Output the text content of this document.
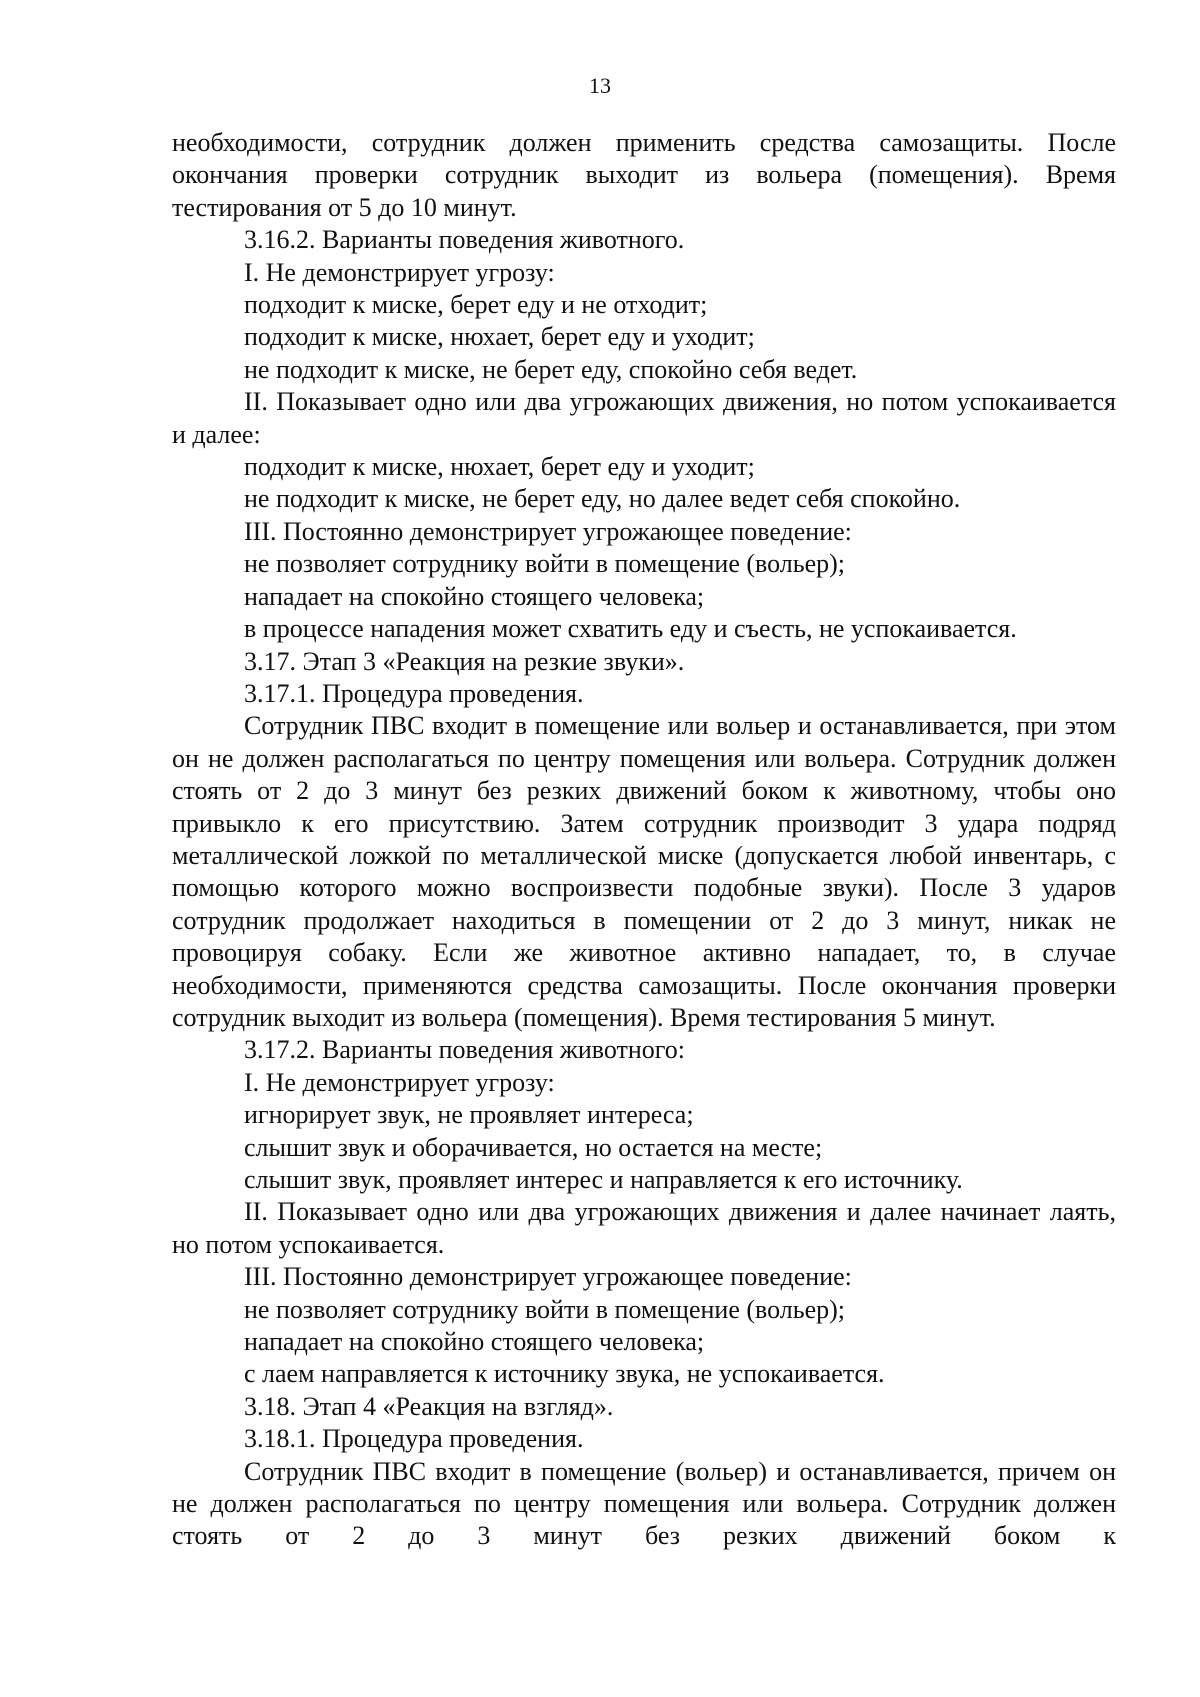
13

необходимости, сотрудник должен применить средства самозащиты. После окончания проверки сотрудник выходит из вольера (помещения). Время тестирования от 5 до 10 минут.

3.16.2. Варианты поведения животного.

I. Не демонстрирует угрозу:

подходит к миске, берет еду и не отходит;

подходит к миске, нюхает, берет еду и уходит;

не подходит к миске, не берет еду, спокойно себя ведет.

II. Показывает одно или два угрожающих движения, но потом успокаивается и далее:

подходит к миске, нюхает, берет еду и уходит;

не подходит к миске, не берет еду, но далее ведет себя спокойно.

III. Постоянно демонстрирует угрожающее поведение:

не позволяет сотруднику войти в помещение (вольер);

нападает на спокойно стоящего человека;

в процессе нападения может схватить еду и съесть, не успокаивается.

3.17. Этап 3 «Реакция на резкие звуки».

3.17.1. Процедура проведения.

Сотрудник ПВС входит в помещение или вольер и останавливается, при этом он не должен располагаться по центру помещения или вольера. Сотрудник должен стоять от 2 до 3 минут без резких движений боком к животному, чтобы оно привыкло к его присутствию. Затем сотрудник производит 3 удара подряд металлической ложкой по металлической миске (допускается любой инвентарь, с помощью которого можно воспроизвести подобные звуки). После 3 ударов сотрудник продолжает находиться в помещении от 2 до 3 минут, никак не провоцируя собаку. Если же животное активно нападает, то, в случае необходимости, применяются средства самозащиты. После окончания проверки сотрудник выходит из вольера (помещения). Время тестирования 5 минут.

3.17.2. Варианты поведения животного:

I. Не демонстрирует угрозу:

игнорирует звук, не проявляет интереса;

слышит звук и оборачивается, но остается на месте;

слышит звук, проявляет интерес и направляется к его источнику.

II. Показывает одно или два угрожающих движения и далее начинает лаять, но потом успокаивается.

III. Постоянно демонстрирует угрожающее поведение:

не позволяет сотруднику войти в помещение (вольер);

нападает на спокойно стоящего человека;

с лаем направляется к источнику звука, не успокаивается.

3.18. Этап 4 «Реакция на взгляд».

3.18.1. Процедура проведения.

Сотрудник ПВС входит в помещение (вольер) и останавливается, причем он не должен располагаться по центру помещения или вольера. Сотрудник должен стоять от 2 до 3 минут без резких движений боком к
